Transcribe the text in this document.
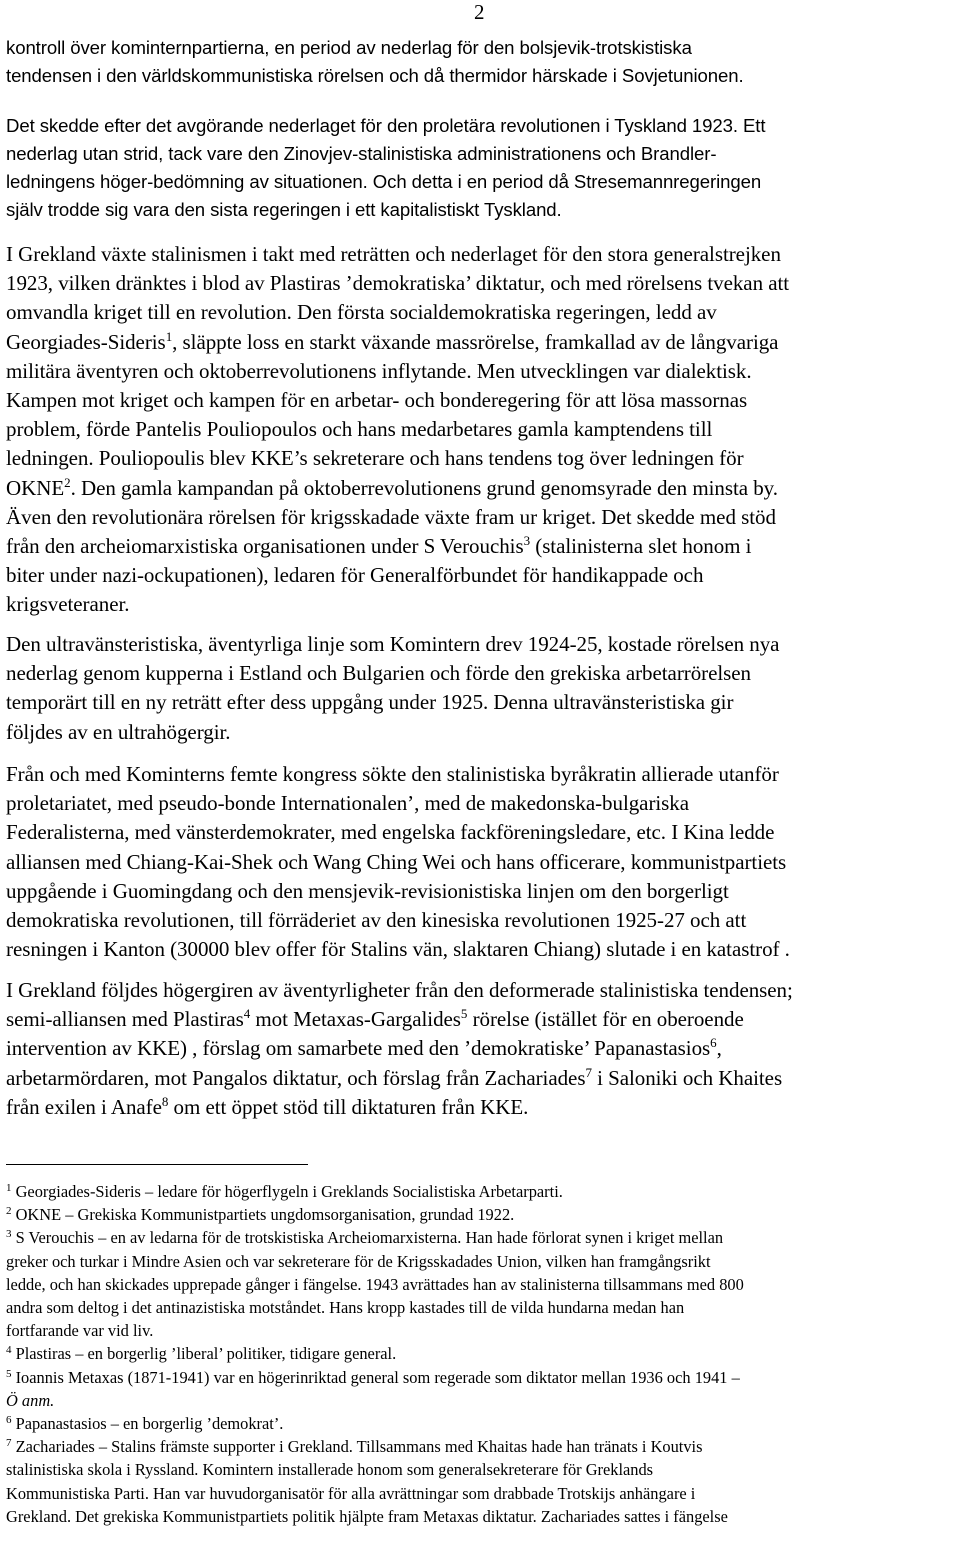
2
kontroll över kominternpartierna, en period av nederlag för den bolsjevik-trotskistiska
tendensen i den världskommunistiska rörelsen och då thermidor härskade i Sovjetunionen.
Det skedde efter det avgörande nederlaget för den proletära revolutionen i Tyskland 1923. Ett
nederlag utan strid, tack vare den Zinovjev-stalinistiska administrationens och Brandler-
ledningens höger-bedömning av situationen. Och detta i en period då Stresemannregeringen
själv trodde sig vara den sista regeringen i ett kapitalistiskt Tyskland.
I Grekland växte stalinismen i takt med reträtten och nederlaget för den stora generalstrejken
1923, vilken dränktes i blod av Plastiras ’demokratiska’ diktatur, och med rörelsens tvekan att
omvandla kriget till en revolution. Den första socialdemokratiska regeringen, ledd av
Georgiades-Sideris$^1$, släppte loss en starkt växande massrörelse, framkallad av de långvariga
militära äventyren och oktoberrevolutionens inflytande. Men utvecklingen var dialektisk.
Kampen mot kriget och kampen för en arbetar- och bonderegering för att lösa massornas
problem, förde Pantelis Pouliopoulos och hans medarbetares gamla kamptendens till
ledningen. Pouliopoulis blev KKE’s sekreterare och hans tendens tog över ledningen för
OKNE$^2$. Den gamla kampandan på oktoberrevolutionens grund genomsyrade den minsta by.
Även den revolutionära rörelsen för krigsskadade växte fram ur kriget. Det skedde med stöd
från den archeiomarxistiska organisationen under S Verouchis$^3$ (stalinisterna slet honom i
biter under nazi-ockupationen), ledaren för Generalförbundet för handikappade och
krigsveteraner.
Den ultravänsteristiska, äventyrliga linje som Komintern drev 1924-25, kostade rörelsen nya
nederlag genom kupperna i Estland och Bulgarien och förde den grekiska arbetarrörelsen
temporärt till en ny reträtt efter dess uppgång under 1925. Denna ultravänsteristiska gir
följdes av en ultrahögergir.
Från och med Kominterns femte kongress sökte den stalinistiska byråkratin allierade utanför
proletariatet, med pseudo-bonde Internationalen’, med de makedonska-bulgariska
Federalisterna, med vänsterdemokrater, med engelska fackföreningsledare, etc. I Kina ledde
alliansen med Chiang-Kai-Shek och Wang Ching Wei och hans officerare, kommunistpartiets
uppgående i Guomingdang och den mensjevik-revisionistiska linjen om den borgerligt
demokratiska revolutionen, till förräderiet av den kinesiska revolutionen 1925-27 och att
resningen i Kanton (30000 blev offer för Stalins vän, slaktaren Chiang) slutade i en katastrof .
I Grekland följdes högergiren av äventyrligheter från den deformerade stalinistiska tendensen;
semi-alliansen med Plastiras$^4$ mot Metaxas-Gargalides$^5$ rörelse (istället för en oberoende
intervention av KKE) , förslag om samarbete med den ’demokratiske’ Papanastasios$^6$,
arbetarmördaren, mot Pangalos diktatur, och förslag från Zachariades$^7$ i Saloniki och Khaites
från exilen i Anafe$^8$ om ett öppet stöd till diktaturen från KKE.
$^1$ Georgiades-Sideris – ledare för högerflygeln i Greklands Socialistiska Arbetarparti.
$^2$ OKNE – Grekiska Kommunistpartiets ungdomsorganisation, grundad 1922.
$^3$ S Verouchis – en av ledarna för de trotskistiska Archeiomarxisterna. Han hade förlorat synen i kriget mellan
greker och turkar i Mindre Asien och var sekreterare för de Krigsskadades Union, vilken han framgångsrikt
ledde, och han skickades upprepade gånger i fängelse. 1943 avrättades han av stalinisterna tillsammans med 800
andra som deltog i det antinazistiska motståndet. Hans kropp kastades till de vilda hundarna medan han
fortfarande var vid liv.
$^4$ Plastiras – en borgerlig ’liberal’ politiker, tidigare general.
$^5$ Ioannis Metaxas (1871-1941) var en högerinriktad general som regerade som diktator mellan 1936 och 1941 –
Ö anm.
$^6$ Papanastasios – en borgerlig ’demokrat’.
$^7$ Zachariades – Stalins främste supporter i Grekland. Tillsammans med Khaitas hade han tränats i Koutvis
stalinistiska skola i Ryssland. Komintern installerade honom som generalsekreterare för Greklands
Kommunistiska Parti. Han var huvudorganisatör för alla avrättningar som drabbade Trotskijs anhängare i
Grekland. Det grekiska Kommunistpartiets politik hjälpte fram Metaxas diktatur. Zachariades sattes i fängelse
